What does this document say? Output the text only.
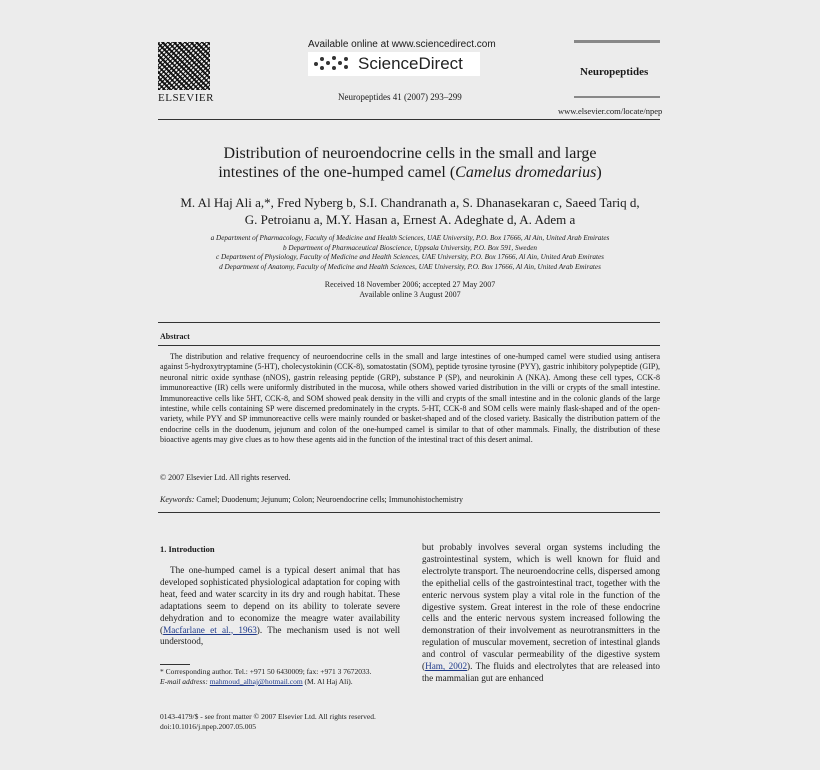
ELSEVIER
Available online at www.sciencedirect.com
ScienceDirect
Neuropeptides 41 (2007) 293–299
Neuropeptides
www.elsevier.com/locate/npep
Distribution of neuroendocrine cells in the small and large
intestines of the one-humped camel (Camelus dromedarius)
M. Al Haj Ali a,*, Fred Nyberg b, S.I. Chandranath a, S. Dhanasekaran c, Saeed Tariq d,
G. Petroianu a, M.Y. Hasan a, Ernest A. Adeghate d, A. Adem a
a Department of Pharmacology, Faculty of Medicine and Health Sciences, UAE University, P.O. Box 17666, Al Ain, United Arab Emirates
b Department of Pharmaceutical Bioscience, Uppsala University, P.O. Box 591, Sweden
c Department of Physiology, Faculty of Medicine and Health Sciences, UAE University, P.O. Box 17666, Al Ain, United Arab Emirates
d Department of Anatomy, Faculty of Medicine and Health Sciences, UAE University, P.O. Box 17666, Al Ain, United Arab Emirates
Received 18 November 2006; accepted 27 May 2007
Available online 3 August 2007
Abstract

The distribution and relative frequency of neuroendocrine cells in the small and large intestines of one-humped camel were studied using antisera against 5-hydroxytryptamine (5-HT), cholecystokinin (CCK-8), somatostatin (SOM), peptide tyrosine tyrosine (PYY), gastric inhibitory polypeptide (GIP), neuronal nitric oxide synthase (nNOS), gastrin releasing peptide (GRP), substance P (SP), and neurokinin A (NKA). Among these cell types, CCK-8 immunoreactive (IR) cells were uniformly distributed in the mucosa, while others showed varied distribution in the villi or crypts of the small intestine. Immunoreactive cells like 5HT, CCK-8, and SOM showed peak density in the villi and crypts of the small intestine and in the colonic glands of the large intestine, while cells containing SP were discerned predominately in the crypts. 5-HT, CCK-8 and SOM cells were mainly flask-shaped and of the open-variety, while PYY and SP immunoreactive cells were mainly rounded or basket-shaped and of the closed variety. Basically the distribution pattern of the endocrine cells in the duodenum, jejunum and colon of the one-humped camel is similar to that of other mammals. Finally, the distribution of these bioactive agents may give clues as to how these agents aid in the function of the intestinal tract of this desert animal.

© 2007 Elsevier Ltd. All rights reserved.
Keywords: Camel; Duodenum; Jejunum; Colon; Neuroendocrine cells; Immunohistochemistry
1. Introduction

The one-humped camel is a typical desert animal that has developed sophisticated physiological adaptation for coping with heat, feed and water scarcity in its dry and rough habitat. These adaptations seem to depend on its ability to tolerate severe dehydration and to economize the meagre water availability (Macfarlane et al., 1963). The mechanism used is not well understood,

but probably involves several organ systems including the gastrointestinal system, which is well known for fluid and electrolyte transport. The neuroendocrine cells, dispersed among the epithelial cells of the gastrointestinal tract, together with the enteric nervous system play a vital role in the function of the digestive system. Great interest in the role of these endocrine cells and the enteric nervous system increased following the demonstration of their involvement as neurotransmitters in the regulation of muscular movement, secretion of intestinal glands and control of vascular permeability of the digestive system (Ham, 2002). The fluids and electrolytes that are released into the mammalian gut are enhanced

* Corresponding author. Tel.: +971 50 6430009; fax: +971 3 7672033.
E-mail address: mahmoud_alhaj@hotmail.com (M. Al Haj Ali).
0143-4179/$ - see front matter © 2007 Elsevier Ltd. All rights reserved.
doi:10.1016/j.npep.2007.05.005
